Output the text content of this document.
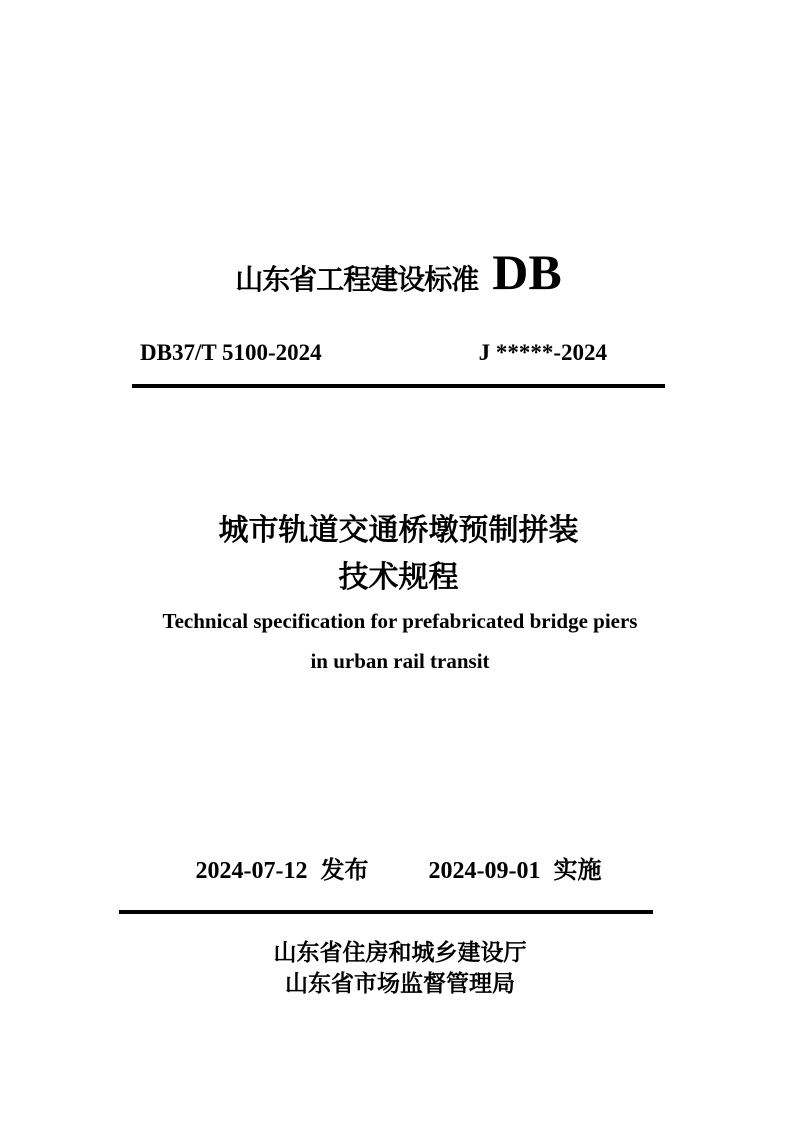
山东省工程建设标准 DB
DB37/T 5100-2024	J *****-2024
城市轨道交通桥墩预制拼装
技术规程
Technical specification for prefabricated bridge piers
in urban rail transit
2024-07-12 发布	2024-09-01 实施
山东省住房和城乡建设厅
山东省市场监督管理局
